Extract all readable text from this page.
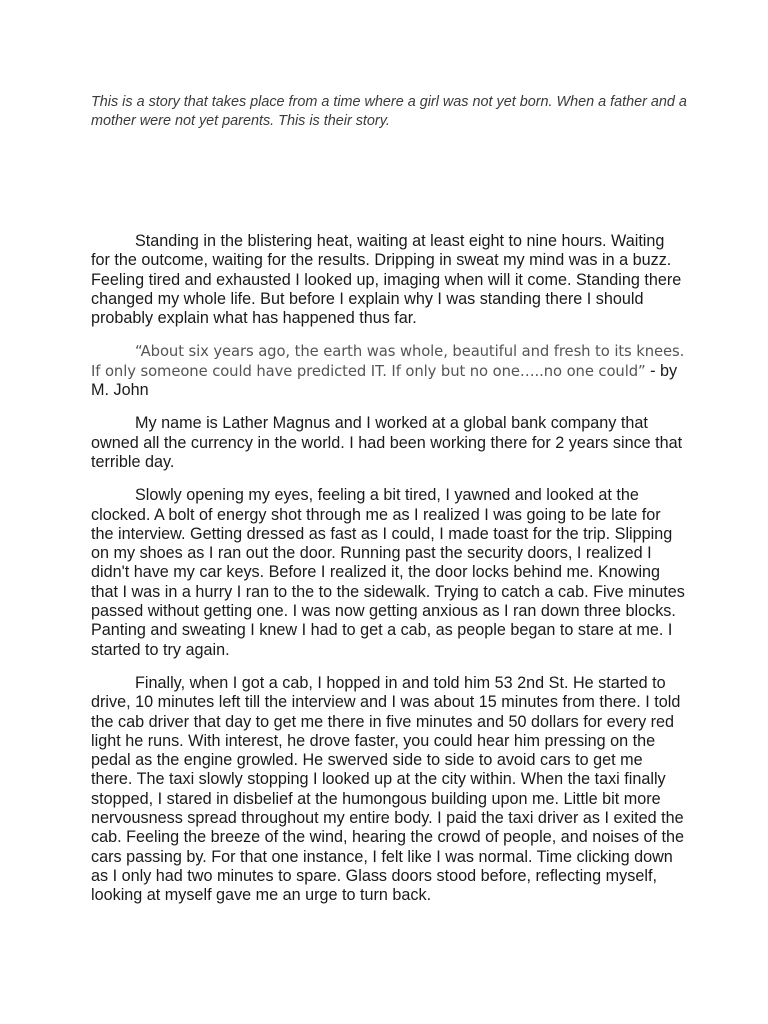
This is a story that takes place from a time where a girl was not yet born. When a father and a mother were not yet parents. This is their story.

Standing in the blistering heat, waiting at least eight to nine hours. Waiting for the outcome, waiting for the results. Dripping in sweat my mind was in a buzz. Feeling tired and exhausted I looked up, imaging when will it come. Standing there changed my whole life. But before I explain why I was standing there I should probably explain what has happened thus far.

“About six years ago, the earth was whole, beautiful and fresh to its knees. If only someone could have predicted IT. If only but no one…..no one could” - by M. John

My name is Lather Magnus and I worked at a global bank company that owned all the currency in the world. I had been working there for 2 years since that terrible day.

Slowly opening my eyes, feeling a bit tired, I yawned and looked at the clocked. A bolt of energy shot through me as I realized I was going to be late for the interview. Getting dressed as fast as I could, I made toast for the trip. Slipping on my shoes as I ran out the door. Running past the security doors, I realized I didn't have my car keys. Before I realized it, the door locks behind me. Knowing that I was in a hurry I ran to the to the sidewalk. Trying to catch a cab. Five minutes passed without getting one. I was now getting anxious as I ran down three blocks. Panting and sweating I knew I had to get a cab, as people began to stare at me. I started to try again.

Finally, when I got a cab, I hopped in and told him 53 2nd St. He started to drive, 10 minutes left till the interview and I was about 15 minutes from there. I told the cab driver that day to get me there in five minutes and 50 dollars for every red light he runs. With interest, he drove faster, you could hear him pressing on the pedal as the engine growled. He swerved side to side to avoid cars to get me there. The taxi slowly stopping I looked up at the city within. When the taxi finally stopped, I stared in disbelief at the humongous building upon me. Little bit more nervousness spread throughout my entire body. I paid the taxi driver as I exited the cab. Feeling the breeze of the wind, hearing the crowd of people, and noises of the cars passing by. For that one instance, I felt like I was normal. Time clicking down as I only had two minutes to spare. Glass doors stood before, reflecting myself, looking at myself gave me an urge to turn back.
